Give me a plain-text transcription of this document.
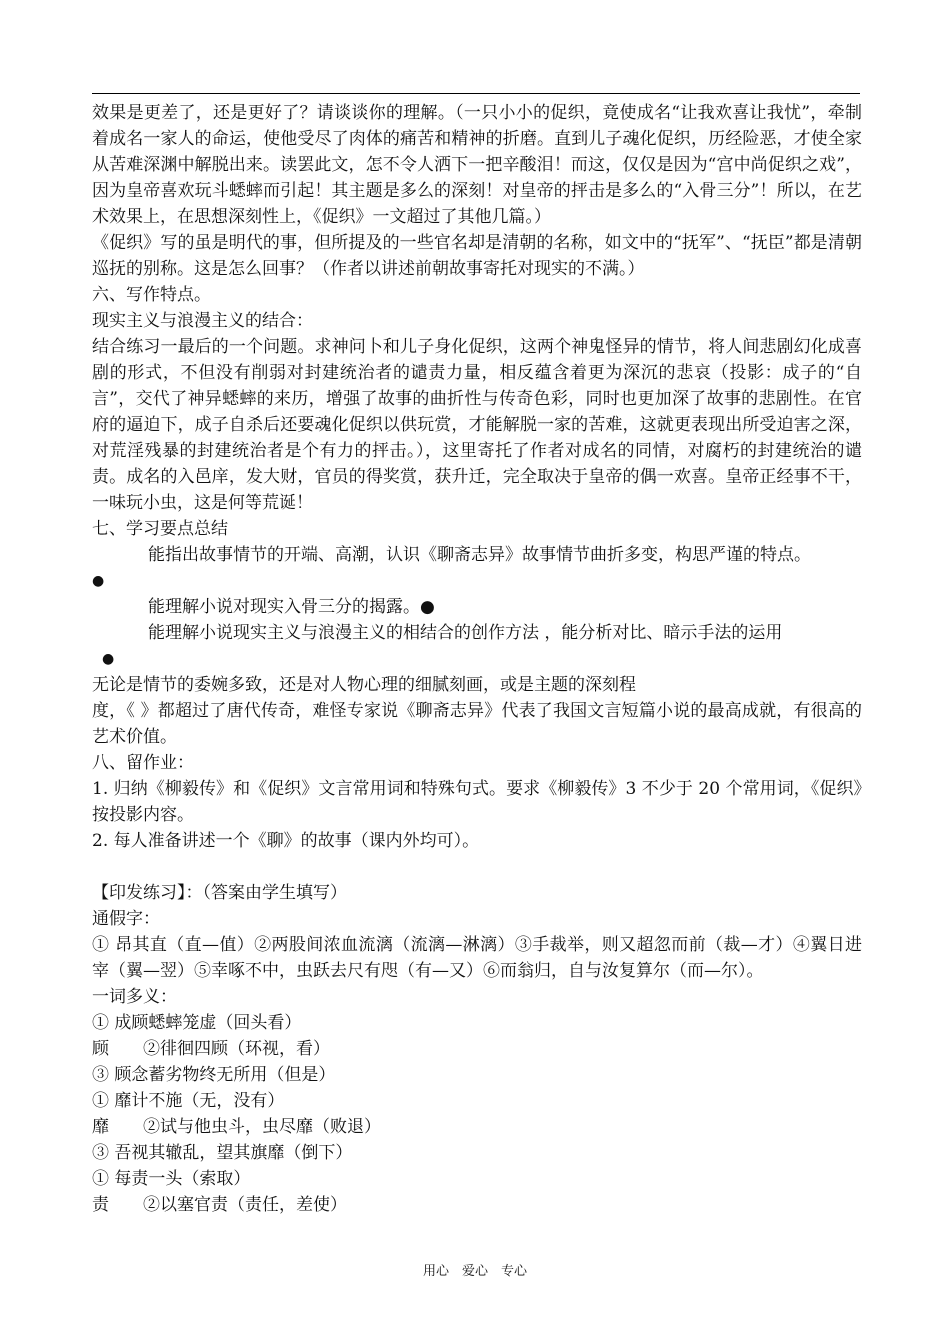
效果是更差了，还是更好了？请谈谈你的理解。（一只小小的促织，竟使成名“让我欢喜让我忧”，牵制着成名一家人的命运，使他受尽了肉体的痛苦和精神的折磨。直到儿子魂化促织，历经险恶，才使全家从苦难深渊中解脱出来。读罢此文，怎不令人洒下一把辛酸泪！而这，仅仅是因为“宫中尚促织之戏”，因为皇帝喜欢玩斗蟋蟀而引起！其主题是多么的深刻！对皇帝的抨击是多么的“入骨三分”！所以，在艺术效果上，在思想深刻性上，《促织》一文超过了其他几篇。）

《促织》写的虽是明代的事，但所提及的一些官名却是清朝的名称，如文中的“抚军”、“抚臣”都是清朝巡抚的别称。这是怎么回事？（作者以讲述前朝故事寄托对现实的不满。）

六、写作特点。

现实主义与浪漫主义的结合：

结合练习一最后的一个问题。求神问卜和儿子身化促织，这两个神鬼怪异的情节，将人间悲剧幻化成喜剧的形式，不但没有削弱对封建统治者的谴责力量，相反蕴含着更为深沉的悲哀（投影：成子的“自言”，交代了神异蟋蟀的来历，增强了故事的曲折性与传奇色彩，同时也更加深了故事的悲剧性。在官府的逼迫下，成子自杀后还要魂化促织以供玩赏，才能解脱一家的苦难，这就更表现出所受迫害之深，对荒淫残暴的封建统治者是个有力的抨击。），这里寄托了作者对成名的同情，对腐朽的封建统治的谴责。成名的入邑庠，发大财，官员的得奖赏，获升迁，完全取决于皇帝的偶一欢喜。皇帝正经事不干，一味玩小虫，这是何等荒诞！

七、学习要点总结

能指出故事情节的开端、高潮，认识《聊斋志异》故事情节曲折多变，构思严谨的特点。

●

能理解小说对现实入骨三分的揭露。●

能理解小说现实主义与浪漫主义的相结合的创作方法 ，能分析对比、暗示手法的运用

●

无论是情节的委婉多致，还是对人物心理的细腻刻画，或是主题的深刻程

度，《 》都超过了唐代传奇，难怪专家说《聊斋志异》代表了我国文言短篇小说的最高成就，有很高的艺术价值。

八、留作业：

1. 归纳《柳毅传》和《促织》文言常用词和特殊句式。要求《柳毅传》3 不少于 20 个常用词，《促织》按投影内容。

2. 每人准备讲述一个《聊》的故事（课内外均可）。

【印发练习】：（答案由学生填写）

通假字：

① 昂其直（直—值）②两股间浓血流漓（流漓—淋漓）③手裁举，则又超忽而前（裁—才）④翼日进宰（翼—翌）⑤幸啄不中，虫跃去尺有咫（有—又）⑥而翁归，自与汝复算尔（而—尔）。

一词多义：

① 成顾蟋蟀笼虚（回头看）

顾　　②徘徊四顾（环视，看）

③ 顾念蓄劣物终无所用（但是）

① 靡计不施（无，没有）

靡　　②试与他虫斗，虫尽靡（败退）

③ 吾视其辙乱，望其旗靡（倒下）

① 每责一头（索取）

责　　②以塞官责（责任，差使）

用心　爱心　专心
